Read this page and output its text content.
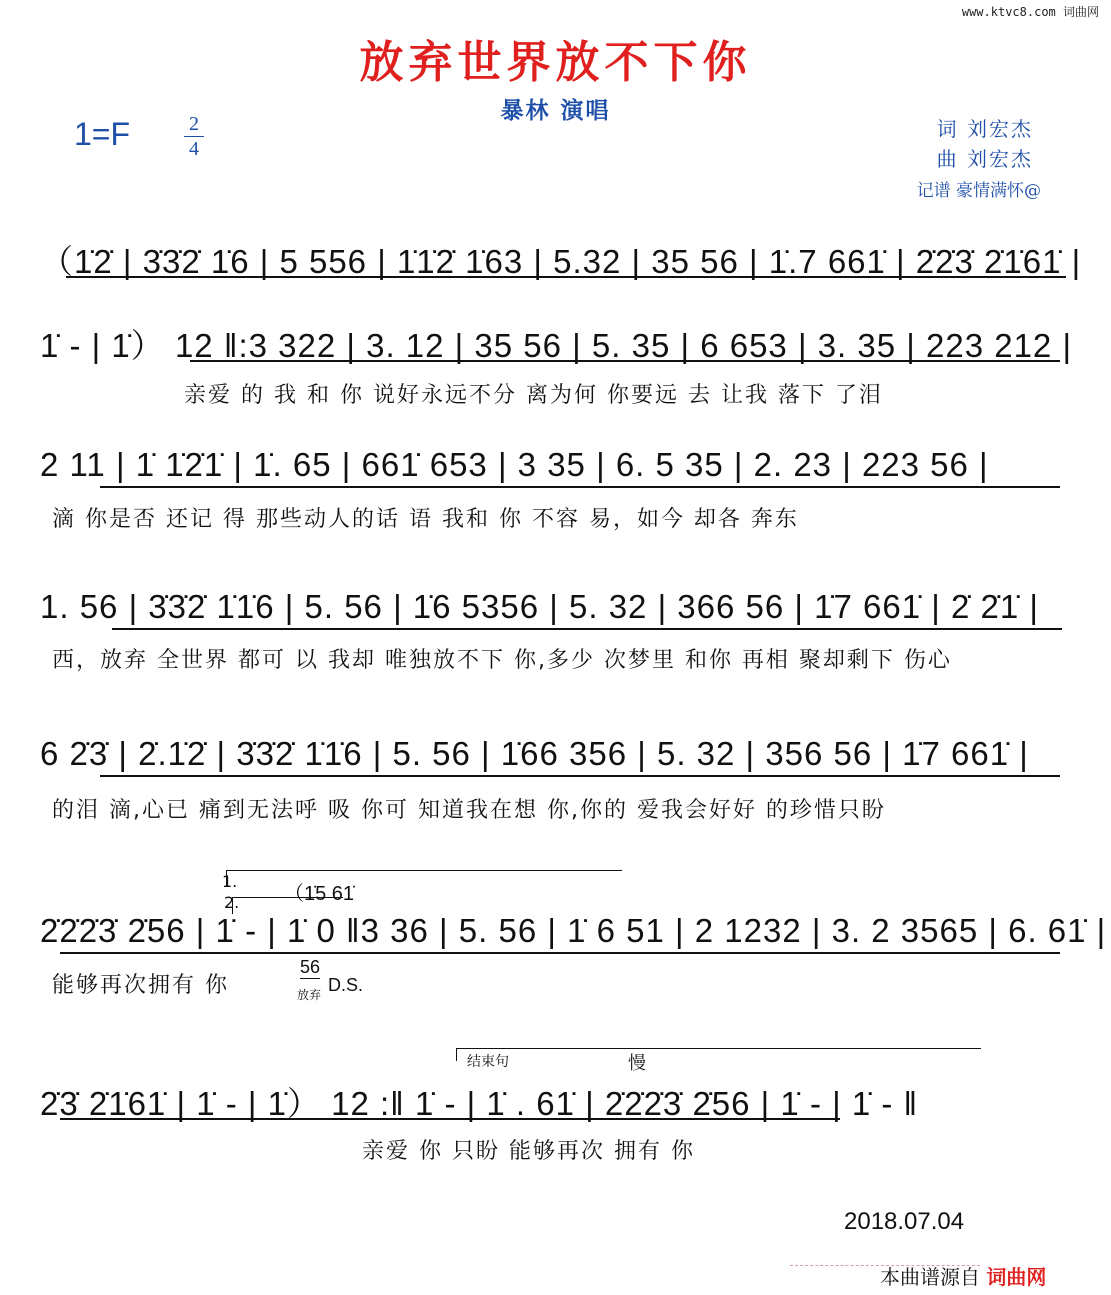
www.ktvc8.com 词曲网
放弃世界放不下你
暴林 演唱
1=F	$\frac{2}{4}$	词 刘宏杰
曲 刘宏杰
记谱 豪情满怀@
（1̇2̇ | 3̇3̇2̇ 1̇6 | 5 556 | 1̇1̇2̇ 1̇63 | 5.32 | 35 56 | 1̇.7 661̇ | 2̇2̇3̇ 2̇1̇61̇ |
1̇ - | 1̇） 12 ‖:3 322 | 3. 12 | 35 56 | 5. 35 | 6 653 | 3. 35 | 223 212 |
亲爱 的 我 和 你 说好永远不分 离为何 你要远 去 让我 落下 了泪
2 11 | 1̇ 1̇2̇1̇ | 1̇. 65 | 661̇ 653 | 3 35 | 6. 5 35 | 2. 23 | 223 56 |
滴 你是否 还记 得 那些动人的话 语 我和 你 不容 易，如今 却各 奔东
1. 56 | 3̇3̇2̇ 1̇1̇6 | 5. 56 | 1̇6 5356 | 5. 32 | 366 56 | 1̇7 661̇ | 2̇ 2̇1̇ |
西，放弃 全世界 都可 以 我却 唯独放不下 你,多少 次梦里 和你 再相 聚却剩下 伤心
6 2̇3̇ | 2̇.1̇2̇ | 3̇3̇2̇ 1̇1̇6 | 5. 56 | 1̇66 356 | 5. 32 | 356 56 | 1̇7 661̇ |
的泪 滴,心已 痛到无法呼 吸 你可 知道我在想 你,你的 爱我会好好 的珍惜只盼
1.
2. （1̇5 61̇
2̇2̇2̇3̇ 2̇56 | 1̇ - | 1̇ 0 ‖3 36 | 5. 56 | 1̇ 6 51 | 2 1232 | 3. 2 3565 | 6. 61̇ |
能够再次拥有 你
56
放弃 D.S.
结束句	慢
2̇3̇ 2̇1̇61̇ | 1̇ - | 1̇） 12 :‖ 1̇ - | 1̇ . 61̇ | 2̇2̇2̇3̇ 2̇56 | 1̇ - | 1̇ - ‖
亲爱 你 只盼 能够再次 拥有 你
2018.07.04
本曲谱源自 词曲网
